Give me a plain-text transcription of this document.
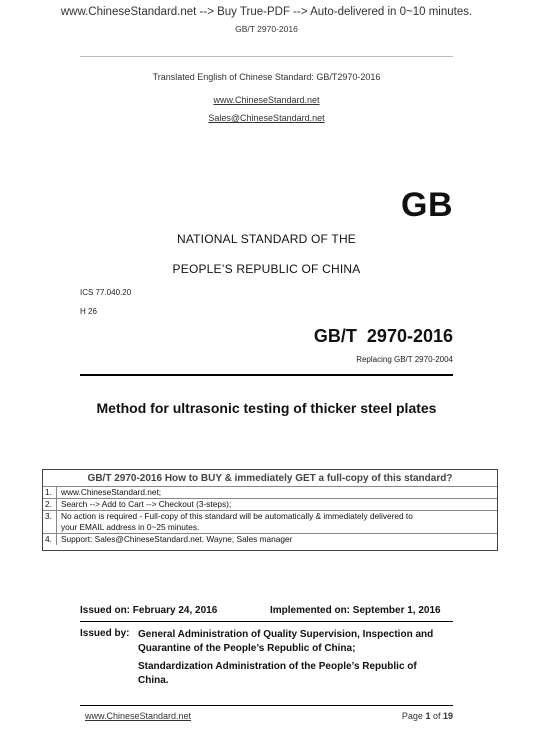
www.ChineseStandard.net --> Buy True-PDF --> Auto-delivered in 0~10 minutes.
GB/T 2970-2016
Translated English of Chinese Standard: GB/T2970-2016
www.ChineseStandard.net
Sales@ChineseStandard.net
GB
NATIONAL STANDARD OF THE
PEOPLE’S REPUBLIC OF CHINA
ICS 77.040.20
H 26
GB/T  2970-2016
Replacing GB/T 2970-2004
Method for ultrasonic testing of thicker steel plates
GB/T 2970-2016 How to BUY & immediately GET a full-copy of this standard?
1.	www.ChineseStandard.net;
2.	Search --> Add to Cart --> Checkout (3-steps);
3.	No action is required - Full-copy of this standard will be automatically & immediately delivered to
your EMAIL address in 0~25 minutes.
4.	Support: Sales@ChineseStandard.net. Wayne, Sales manager
Issued on: February 24, 2016	Implemented on: September 1, 2016
Issued by: General Administration of Quality Supervision, Inspection and
Quarantine of the People’s Republic of China;
Standardization Administration of the People’s Republic of
China.
www.ChineseStandard.net	Page 1 of 19
